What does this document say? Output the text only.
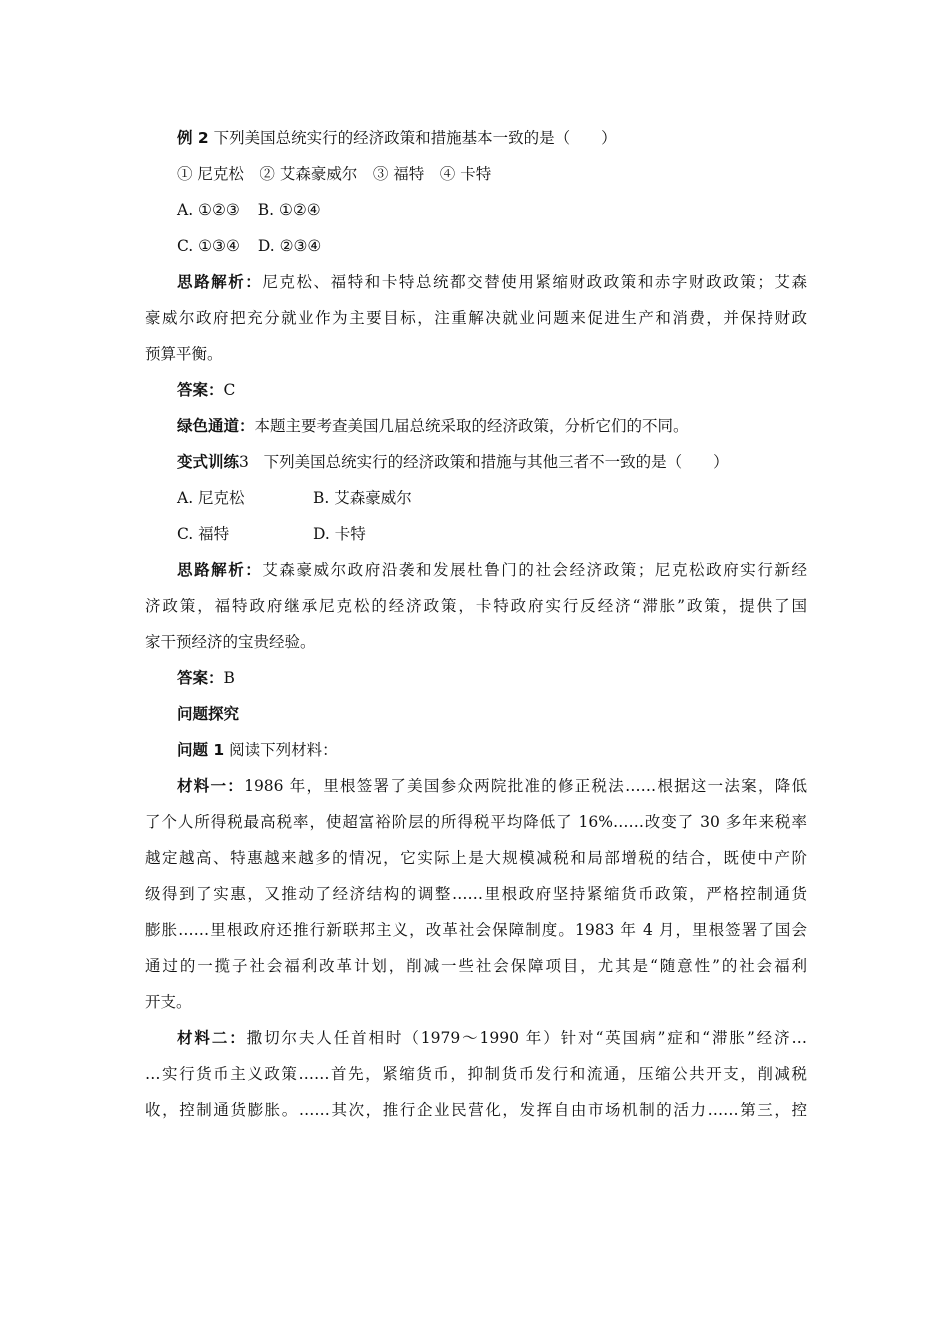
例 2 下列美国总统实行的经济政策和措施基本一致的是（　　）
① 尼克松　② 艾森豪威尔　③ 福特　④ 卡特
A. ①②③ B. ①②④
C. ①③④ D. ②③④
思路解析：尼克松、福特和卡特总统都交替使用紧缩财政政策和赤字财政政策；艾森
豪威尔政府把充分就业作为主要目标，注重解决就业问题来促进生产和消费，并保持财政
预算平衡。
答案：C
绿色通道：本题主要考查美国几届总统采取的经济政策，分析它们的不同。
变式训练3 下列美国总统实行的经济政策和措施与其他三者不一致的是（　　）
A. 尼克松	B. 艾森豪威尔
C. 福特	D. 卡特
思路解析：艾森豪威尔政府沿袭和发展杜鲁门的社会经济政策；尼克松政府实行新经
济政策，福特政府继承尼克松的经济政策，卡特政府实行反经济“滞胀”政策，提供了国
家干预经济的宝贵经验。
答案：B
问题探究
问题 1 阅读下列材料：
材料一：1986 年，里根签署了美国参众两院批准的修正税法……根据这一法案，降低
了个人所得税最高税率，使超富裕阶层的所得税平均降低了 16%……改变了 30 多年来税率
越定越高、特惠越来越多的情况，它实际上是大规模减税和局部增税的结合，既使中产阶
级得到了实惠，又推动了经济结构的调整……里根政府坚持紧缩货币政策，严格控制通货
膨胀……里根政府还推行新联邦主义，改革社会保障制度。1983 年 4 月，里根签署了国会
通过的一揽子社会福利改革计划，削减一些社会保障项目，尤其是“随意性”的社会福利
开支。
材料二：撒切尔夫人任首相时（1979～1990 年）针对“英国病”症和“滞胀”经济…
…实行货币主义政策……首先，紧缩货币，抑制货币发行和流通，压缩公共开支，削减税
收，控制通货膨胀。……其次，推行企业民营化，发挥自由市场机制的活力……第三，控
